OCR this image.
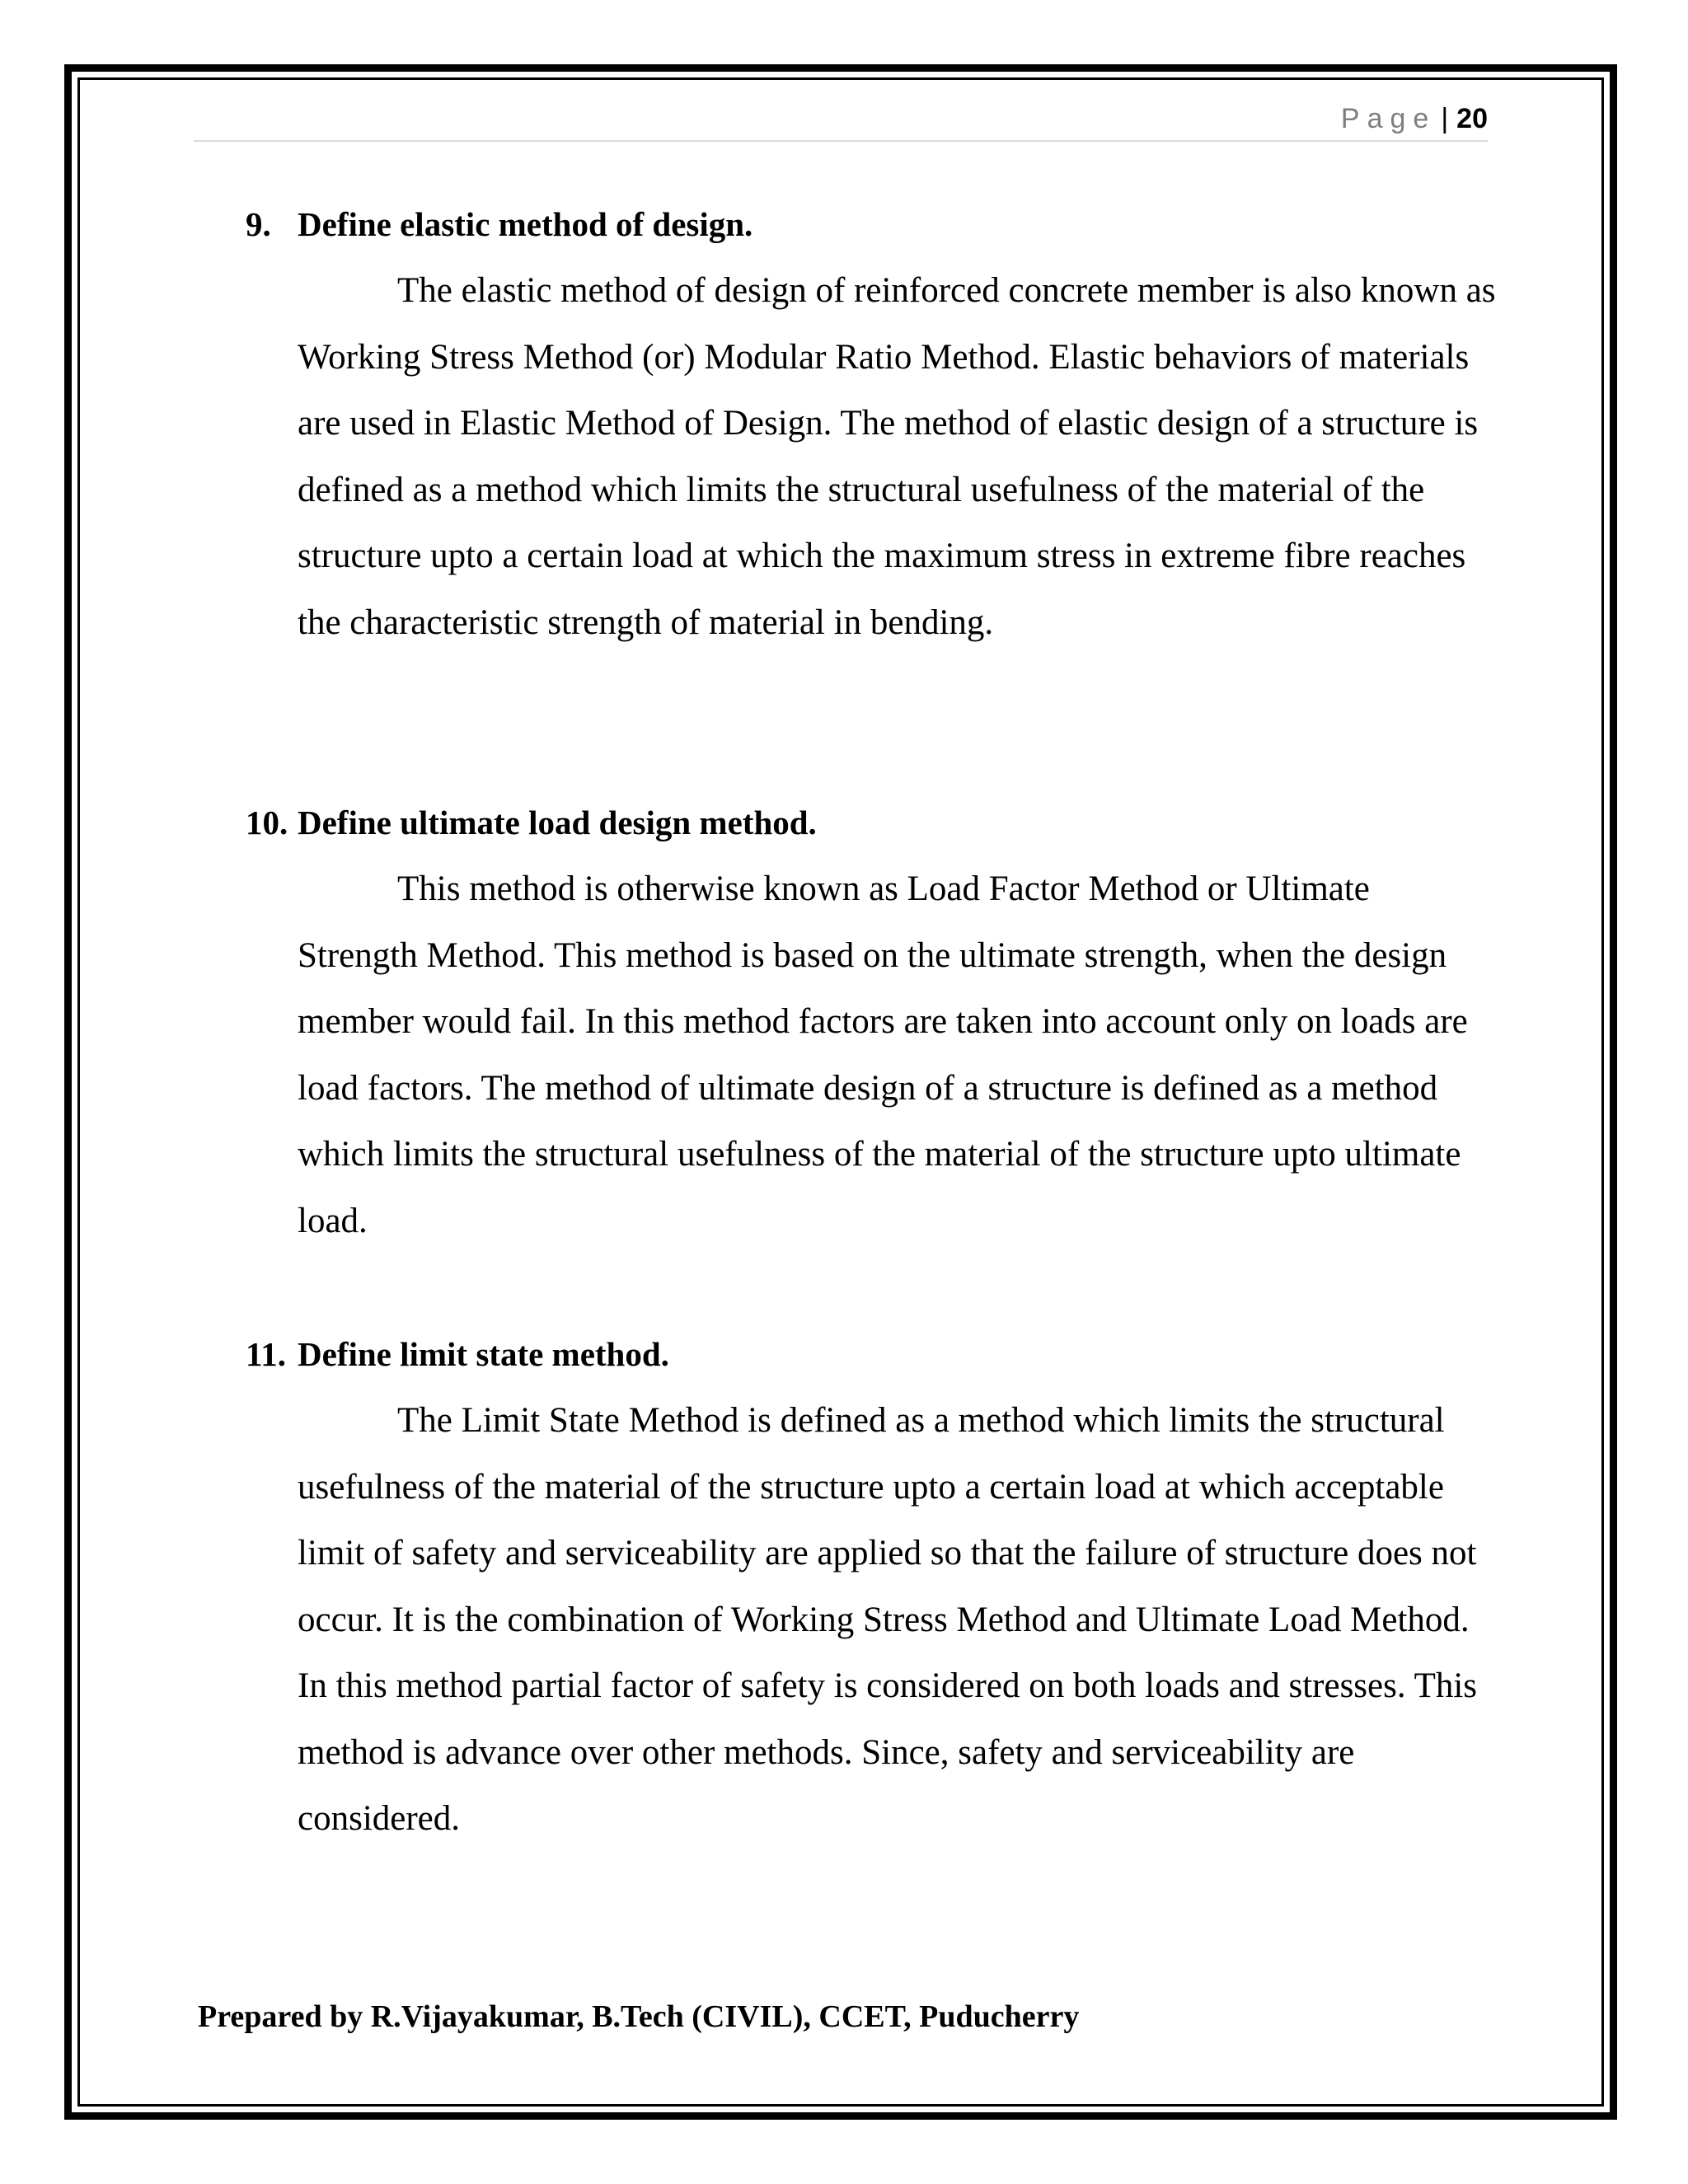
Page | 20
9. Define elastic method of design.
The elastic method of design of reinforced concrete member is also known as Working Stress Method (or) Modular Ratio Method. Elastic behaviors of materials are used in Elastic Method of Design. The method of elastic design of a structure is defined as a method which limits the structural usefulness of the material of the structure upto a certain load at which the maximum stress in extreme fibre reaches the characteristic strength of material in bending.
10. Define ultimate load design method.
This method is otherwise known as Load Factor Method or Ultimate Strength Method. This method is based on the ultimate strength, when the design member would fail. In this method factors are taken into account only on loads are load factors. The method of ultimate design of a structure is defined as a method which limits the structural usefulness of the material of the structure upto ultimate load.
11. Define limit state method.
The Limit State Method is defined as a method which limits the structural usefulness of the material of the structure upto a certain load at which acceptable limit of safety and serviceability are applied so that the failure of structure does not occur. It is the combination of Working Stress Method and Ultimate Load Method. In this method partial factor of safety is considered on both loads and stresses. This method is advance over other methods. Since, safety and serviceability are considered.
Prepared by R.Vijayakumar, B.Tech (CIVIL), CCET, Puducherry
